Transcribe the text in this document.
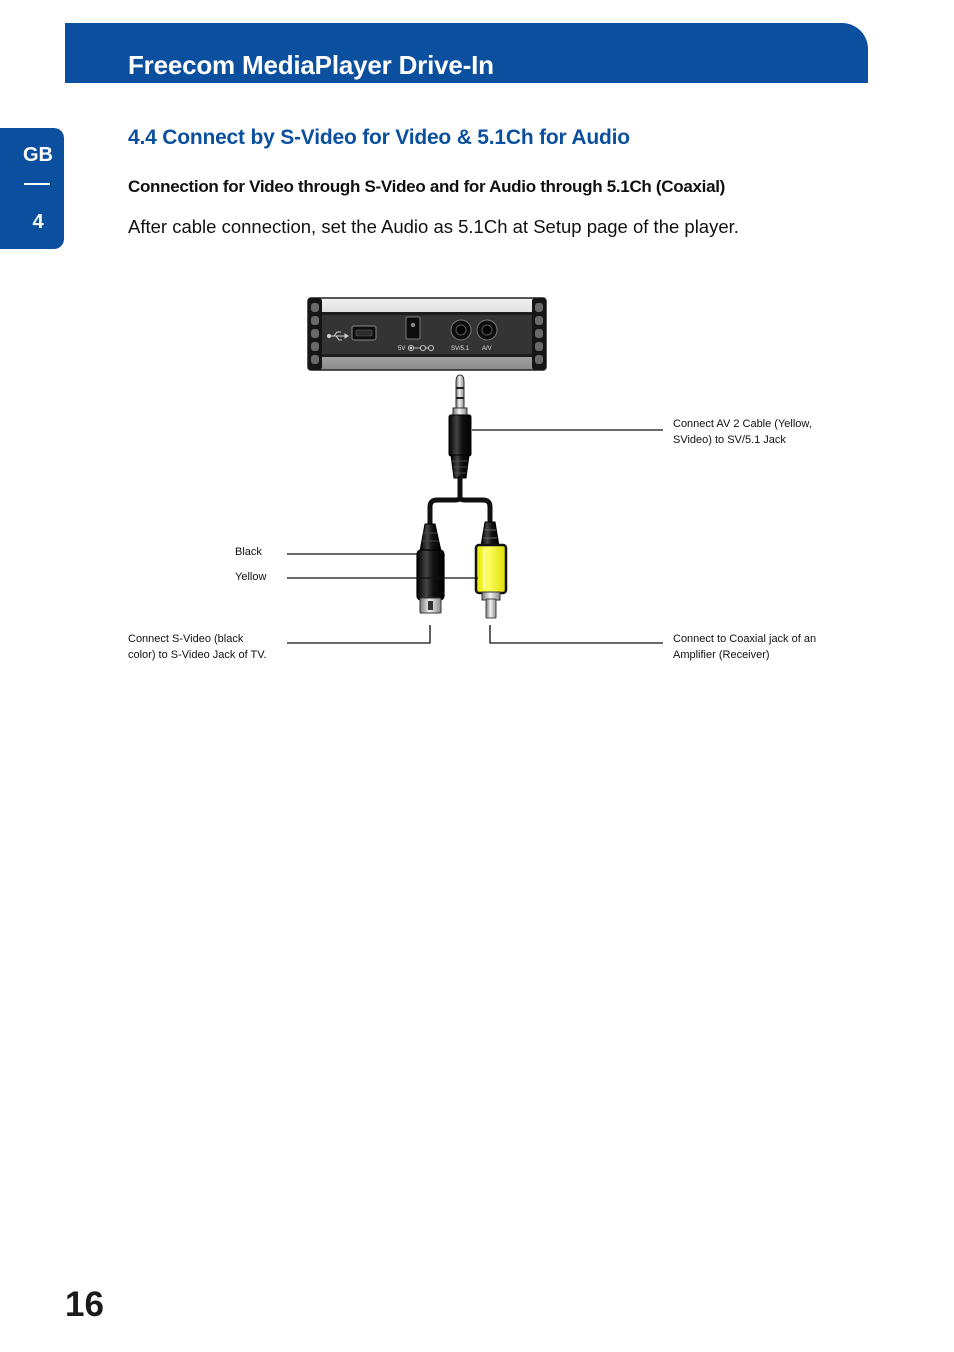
Freecom MediaPlayer Drive-In
GB
4
4.4 Connect by S-Video for Video & 5.1Ch for Audio
Connection for Video through S-Video and for Audio through 5.1Ch (Coaxial)

After cable connection, set the Audio as 5.1Ch at Setup page of the player.

5V	SV/5.1 A/V
Connect AV 2 Cable (Yellow,
SVideo) to SV/5.1 Jack
Black
Yellow
Connect S-Video (black
color) to S-Video Jack of TV.
Connect to Coaxial jack of an
Amplifier (Receiver)
16
